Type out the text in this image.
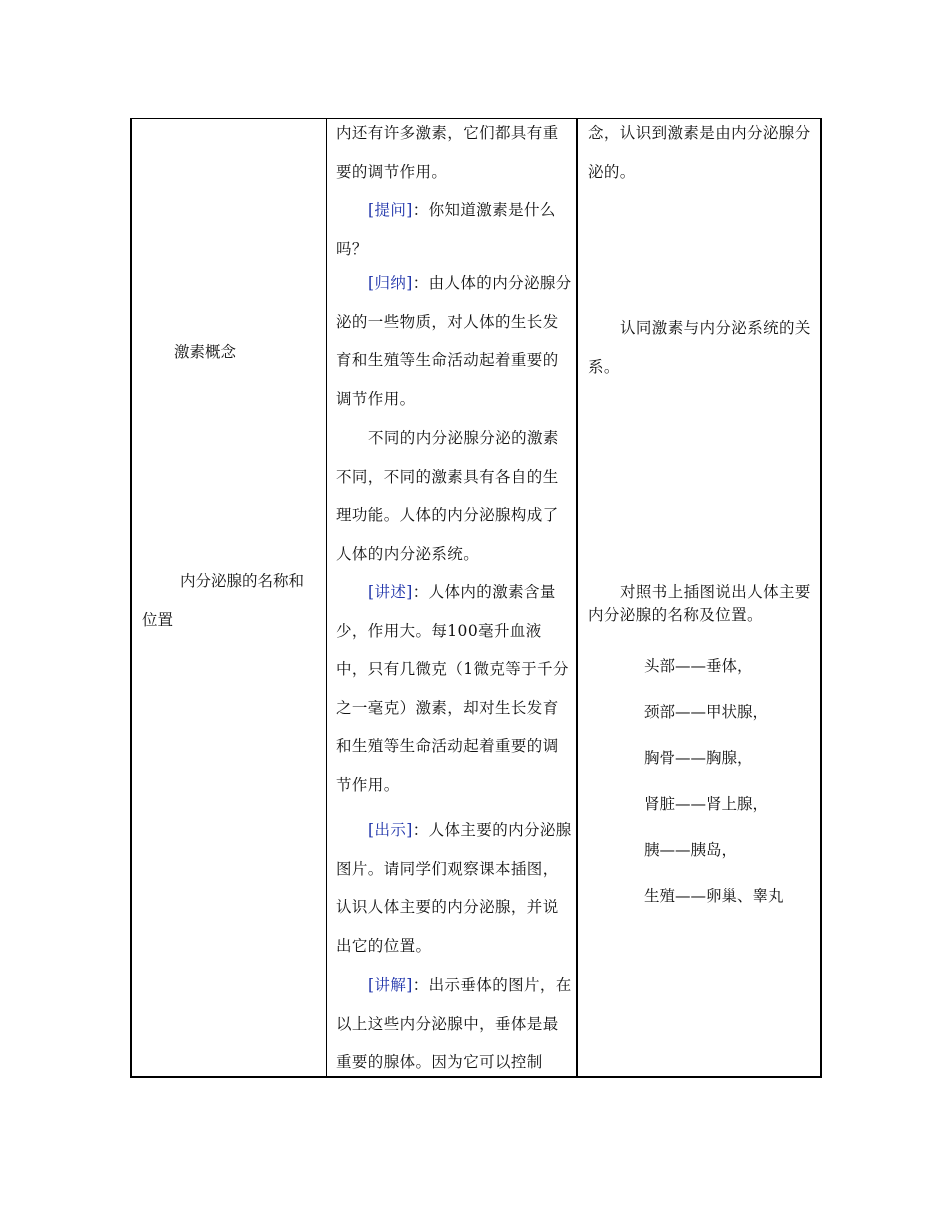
激素概念
内分泌腺的名称和
位置

内还有许多激素，它们都具有重要的调节作用。

[提问]：你知道激素是什么吗？

[归纳]：由人体的内分泌腺分泌的一些物质，对人体的生长发育和生殖等生命活动起着重要的调节作用。

不同的内分泌腺分泌的激素不同，不同的激素具有各自的生理功能。人体的内分泌腺构成了人体的内分泌系统。

[讲述]：人体内的激素含量少，作用大。每100毫升血液中，只有几微克（1微克等于千分之一毫克）激素，却对生长发育和生殖等生命活动起着重要的调节作用。

[出示]：人体主要的内分泌腺图片。请同学们观察课本插图，认识人体主要的内分泌腺，并说出它的位置。

[讲解]：出示垂体的图片，在以上这些内分泌腺中，垂体是最重要的腺体。因为它可以控制

念，认识到激素是由内分泌腺分泌的。

认同激素与内分泌系统的关系。

对照书上插图说出人体主要内分泌腺的名称及位置。

头部——垂体，
颈部——甲状腺，
胸骨——胸腺，
肾脏——肾上腺，
胰——胰岛，
生殖——卵巢、睾丸
